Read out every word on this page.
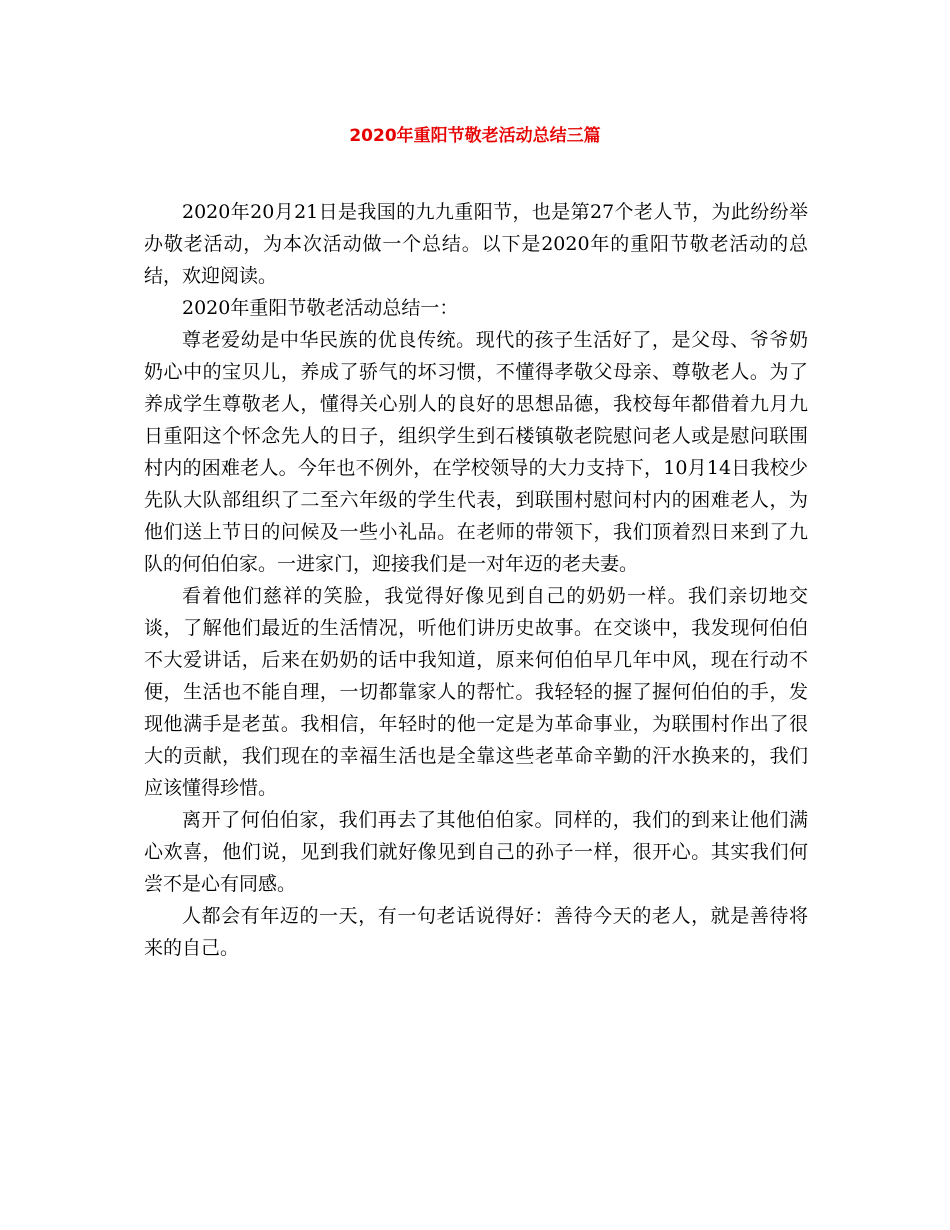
2020年重阳节敬老活动总结三篇

2020年20月21日是我国的九九重阳节，也是第27个老人节，为此纷纷举办敬老活动，为本次活动做一个总结。以下是2020年的重阳节敬老活动的总结，欢迎阅读。

2020年重阳节敬老活动总结一：

尊老爱幼是中华民族的优良传统。现代的孩子生活好了，是父母、爷爷奶奶心中的宝贝儿，养成了骄气的坏习惯，不懂得孝敬父母亲、尊敬老人。为了养成学生尊敬老人，懂得关心别人的良好的思想品德，我校每年都借着九月九日重阳这个怀念先人的日子，组织学生到石楼镇敬老院慰问老人或是慰问联围村内的困难老人。今年也不例外，在学校领导的大力支持下，10月14日我校少先队大队部组织了二至六年级的学生代表，到联围村慰问村内的困难老人，为他们送上节日的问候及一些小礼品。在老师的带领下，我们顶着烈日来到了九队的何伯伯家。一进家门，迎接我们是一对年迈的老夫妻。

看着他们慈祥的笑脸，我觉得好像见到自己的奶奶一样。我们亲切地交谈，了解他们最近的生活情况，听他们讲历史故事。在交谈中，我发现何伯伯不大爱讲话，后来在奶奶的话中我知道，原来何伯伯早几年中风，现在行动不便，生活也不能自理，一切都靠家人的帮忙。我轻轻的握了握何伯伯的手，发现他满手是老茧。我相信，年轻时的他一定是为革命事业，为联围村作出了很大的贡献，我们现在的幸福生活也是全靠这些老革命辛勤的汗水换来的，我们应该懂得珍惜。

离开了何伯伯家，我们再去了其他伯伯家。同样的，我们的到来让他们满心欢喜，他们说，见到我们就好像见到自己的孙子一样，很开心。其实我们何尝不是心有同感。

人都会有年迈的一天，有一句老话说得好：善待今天的老人，就是善待将来的自己。
